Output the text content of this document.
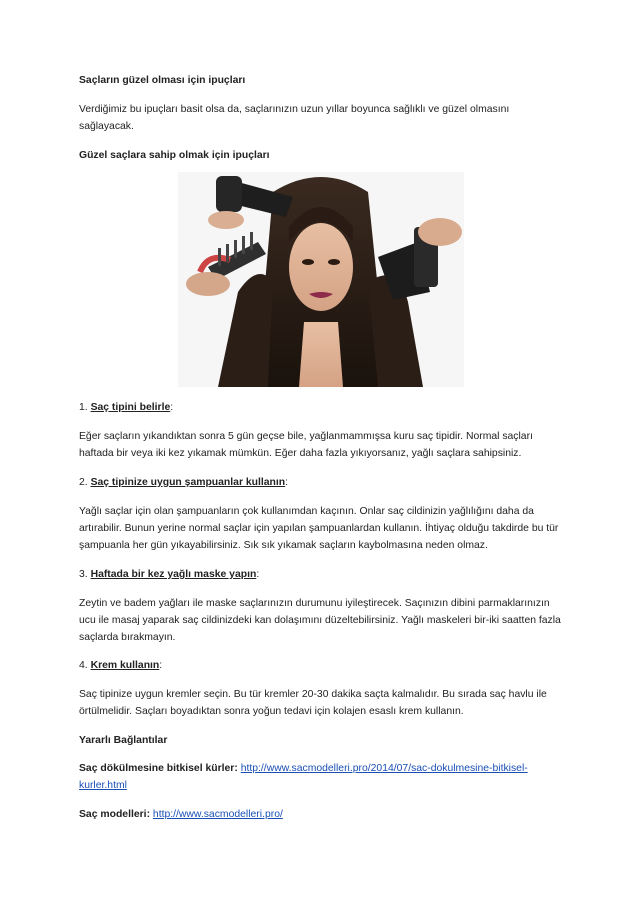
Saçların güzel olması için ipuçları

Verdiğimiz bu ipuçları basit olsa da, saçlarınızın uzun yıllar boyunca sağlıklı ve güzel olmasını sağlayacak.

Güzel saçlara sahip olmak için ipuçları

1. Saç tipini belirle:

Eğer saçların yıkandıktan sonra 5 gün geçse bile, yağlanmammışsa kuru saç tipidir. Normal saçları haftada bir veya iki kez yıkamak mümkün. Eğer daha fazla yıkıyorsanız, yağlı saçlara sahipsiniz.

2. Saç tipinize uygun şampuanlar kullanın:

Yağlı saçlar için olan şampuanların çok kullanımdan kaçının. Onlar saç cildinizin yağlılığını daha da artırabilir. Bunun yerine normal saçlar için yapılan şampuanlardan kullanın. İhtiyaç olduğu takdirde bu tür şampuanla her gün yıkayabilirsiniz. Sık sık yıkamak saçların kaybolmasına neden olmaz.

3. Haftada bir kez yağlı maske yapın:

Zeytin ve badem yağları ile maske saçlarınızın durumunu iyileştirecek. Saçınızın dibini parmaklarınızın ucu ile masaj yaparak saç cildinizdeki kan dolaşımını düzeltebilirsiniz. Yağlı maskeleri bir-iki saatten fazla saçlarda bırakmayın.

4. Krem kullanın:

Saç tipinize uygun kremler seçin. Bu tür kremler 20-30 dakika saçta kalmalıdır. Bu sırada saç havlu ile örtülmelidir. Saçları boyadıktan sonra yoğun tedavi için kolajen esaslı krem kullanın.

Yararlı Bağlantılar

Saç dökülmesine bitkisel kürler: http://www.sacmodelleri.pro/2014/07/sac-dokulmesine-bitkisel-kurler.html

Saç modelleri: http://www.sacmodelleri.pro/
